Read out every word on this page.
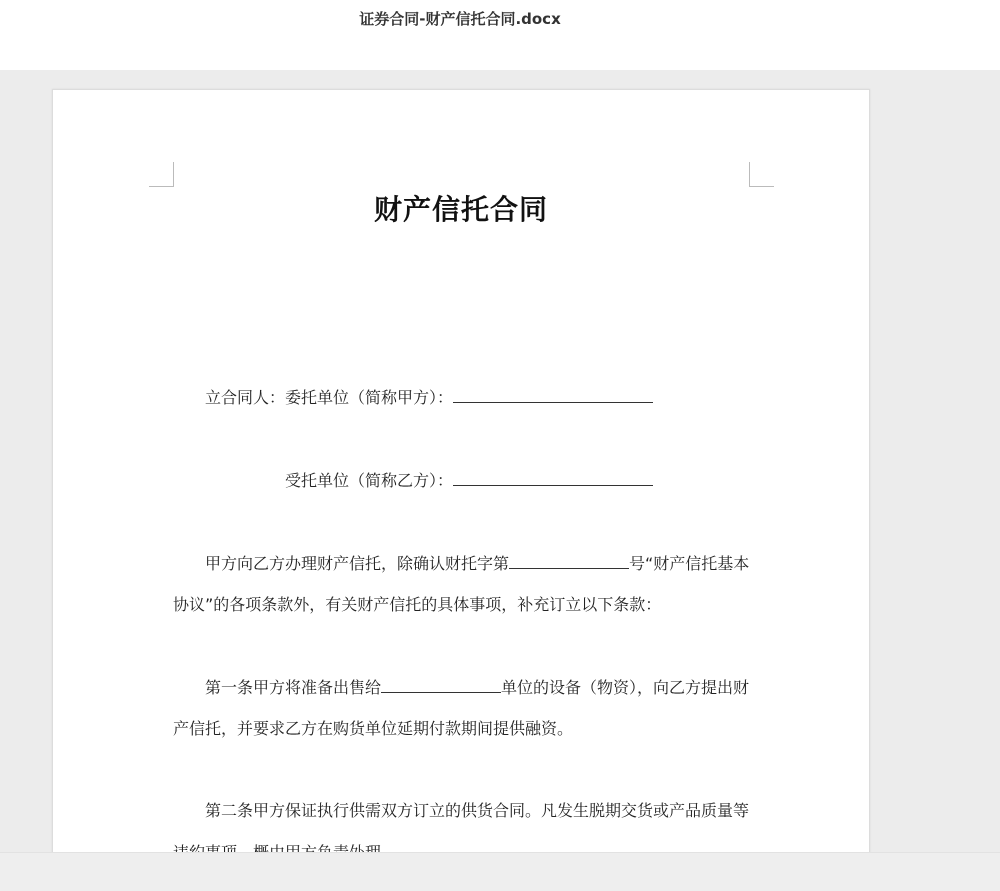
证券合同-财产信托合同.docx
财产信托合同
立合同人：委托单位（简称甲方）：
受托单位（简称乙方）：
甲方向乙方办理财产信托，除确认财托字第	号“财产信托基本
协议”的各项条款外，有关财产信托的具体事项，补充订立以下条款：
第一条甲方将准备出售给	单位的设备（物资），向乙方提出财
产信托，并要求乙方在购货单位延期付款期间提供融资。
第二条甲方保证执行供需双方订立的供货合同。凡发生脱期交货或产品质量等
